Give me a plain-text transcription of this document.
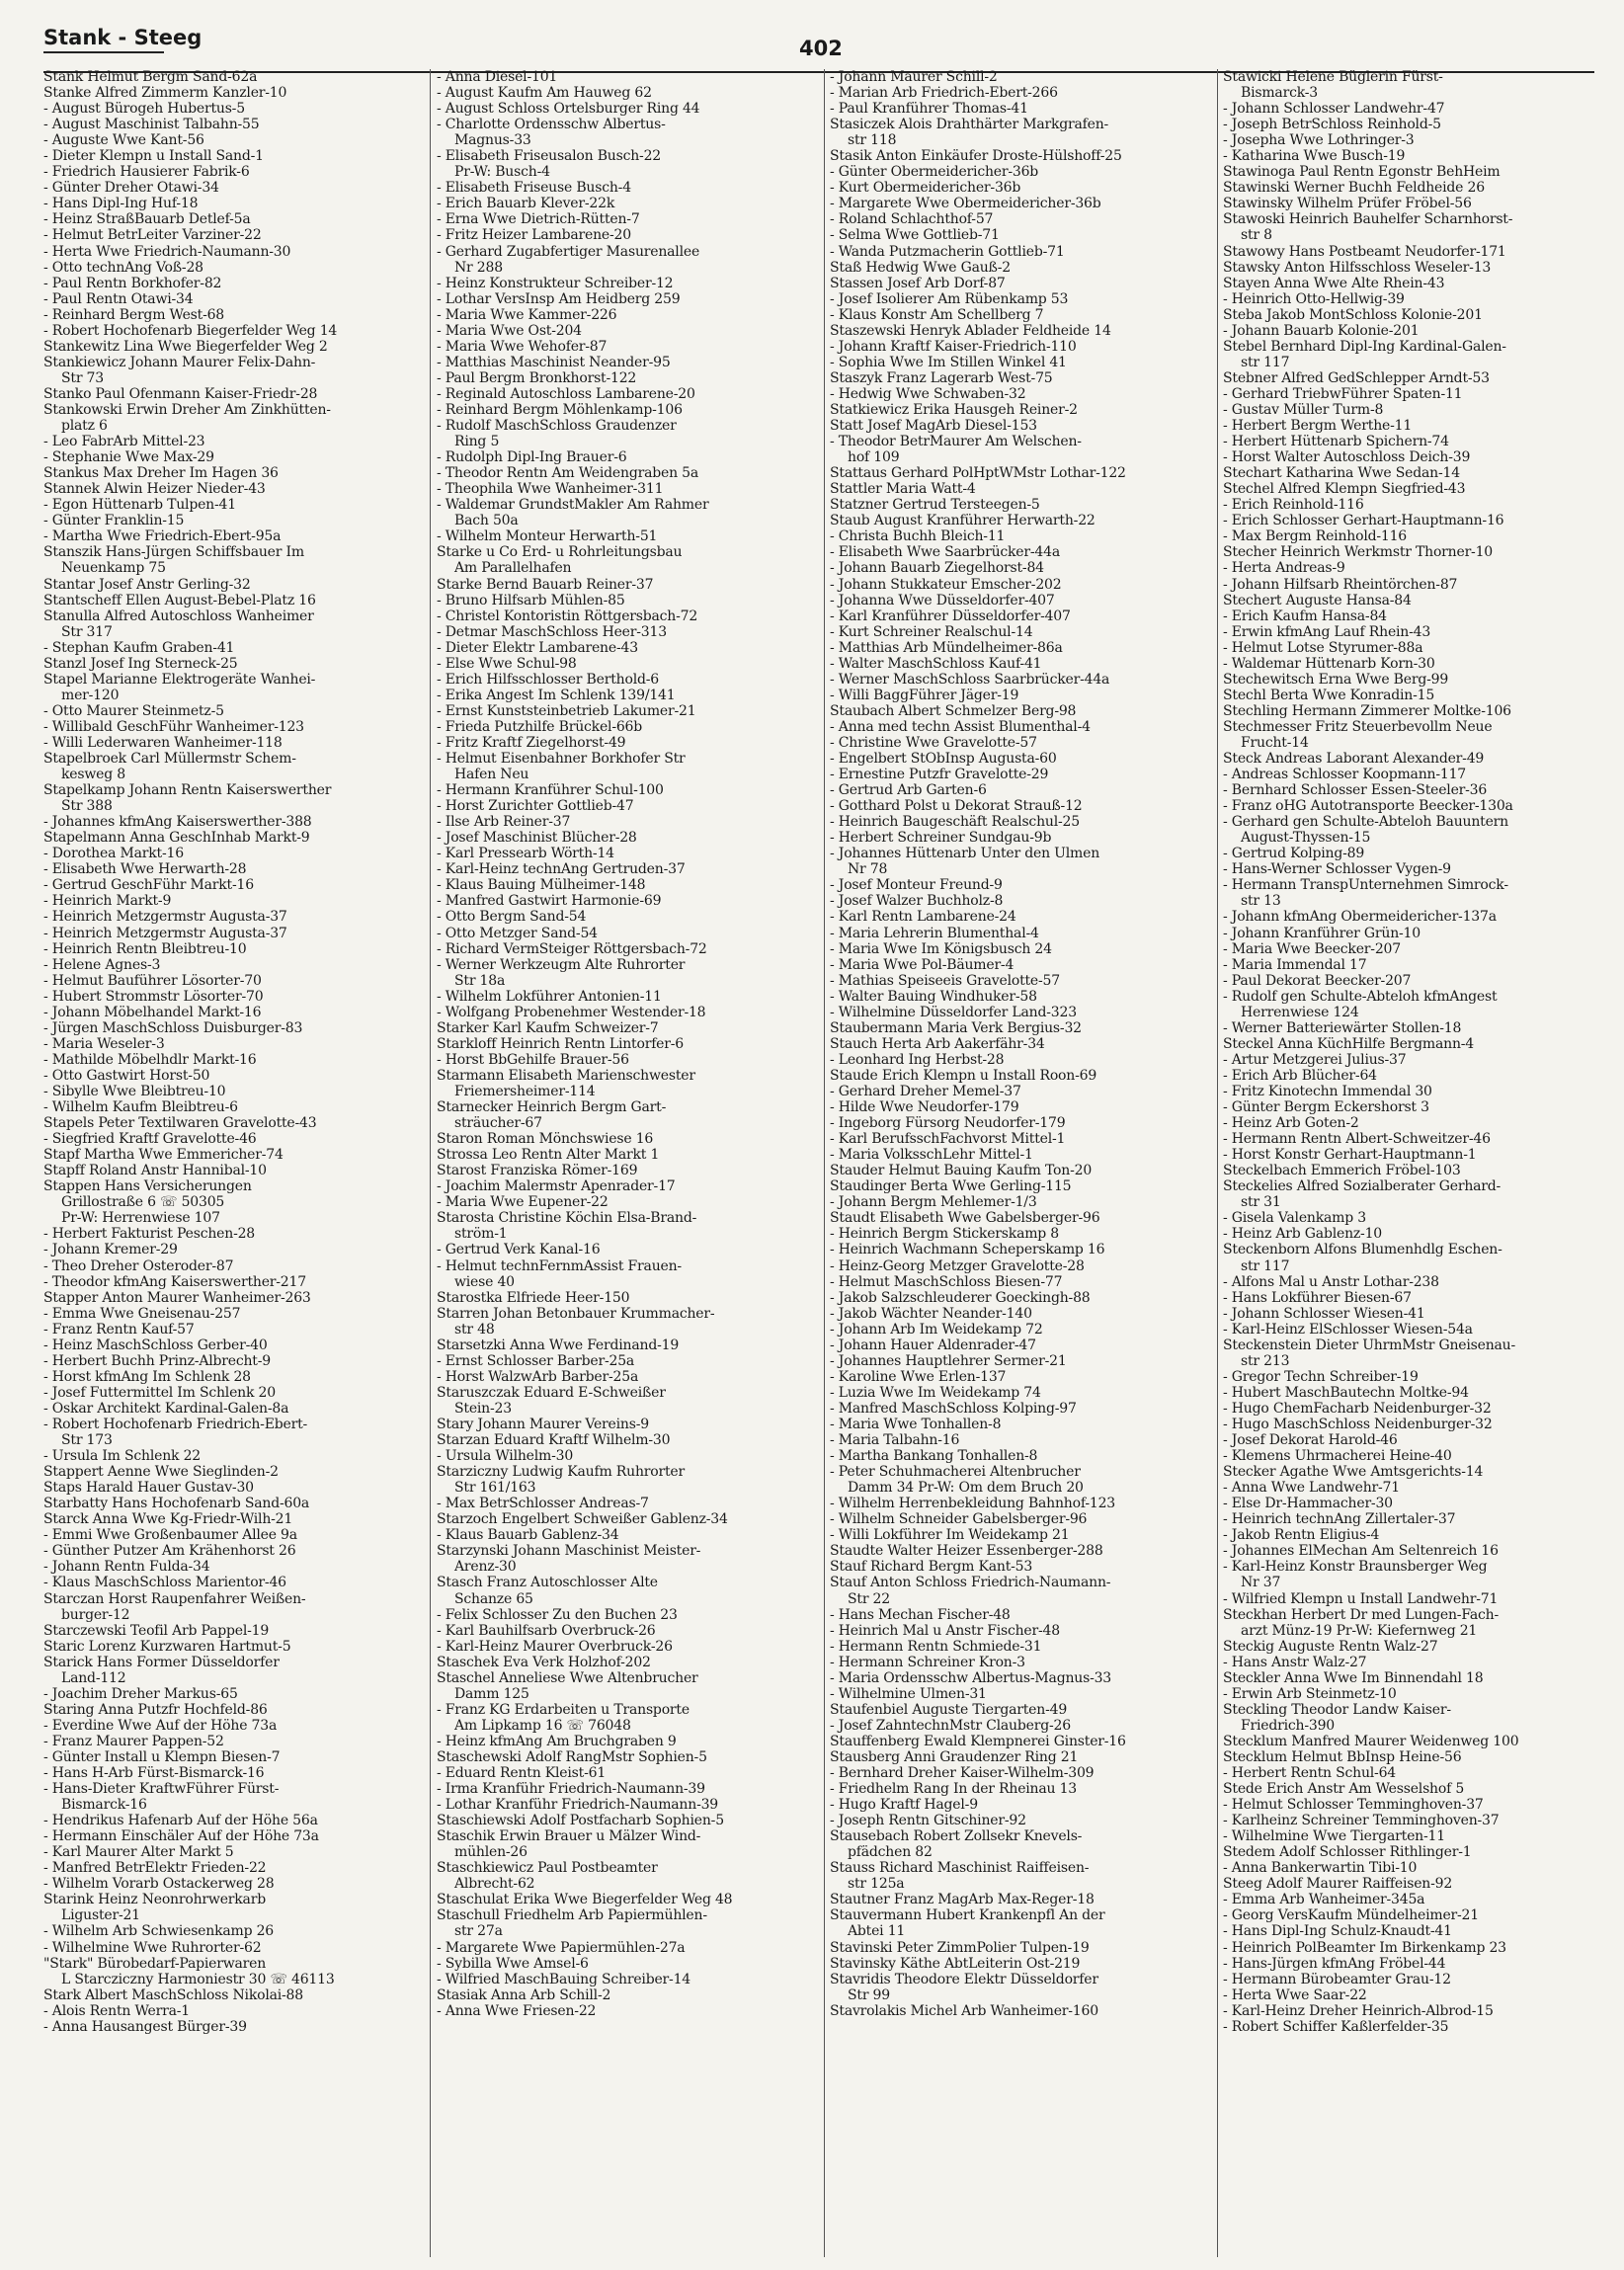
Stank - Steeg	402
Stank Helmut Bergm Sand-62a
Stanke Alfred Zimmerm Kanzler-10
- August Bürogeh Hubertus-5
- August Maschinist Talbahn-55
- Auguste Wwe Kant-56
- Dieter Klempn u Install Sand-1
- Friedrich Hausierer Fabrik-6
- Günter Dreher Otawi-34
- Hans Dipl-Ing Huf-18
- Heinz StraßBauarb Detlef-5a
- Helmut BetrLeiter Varziner-22
- Herta Wwe Friedrich-Naumann-30
- Otto technAng Voß-28
- Paul Rentn Borkhofer-82
- Paul Rentn Otawi-34
- Reinhard Bergm West-68
- Robert Hochofenarb Biegerfelder Weg 14
Stankewitz Lina Wwe Biegerfelder Weg 2
Stankiewicz Johann Maurer Felix-Dahn-
Str 73
Stanko Paul Ofenmann Kaiser-Friedr-28
Stankowski Erwin Dreher Am Zinkhütten-
platz 6
- Leo FabrArb Mittel-23
- Stephanie Wwe Max-29
Stankus Max Dreher Im Hagen 36
Stannek Alwin Heizer Nieder-43
- Egon Hüttenarb Tulpen-41
- Günter Franklin-15
- Martha Wwe Friedrich-Ebert-95a
Stanszik Hans-Jürgen Schiffsbauer Im
Neuenkamp 75
Stantar Josef Anstr Gerling-32
Stantscheff Ellen August-Bebel-Platz 16
Stanulla Alfred Autoschloss Wanheimer
Str 317
- Stephan Kaufm Graben-41
Stanzl Josef Ing Sterneck-25
Stapel Marianne Elektrogeräte Wanhei-
mer-120
- Otto Maurer Steinmetz-5
- Willibald GeschFühr Wanheimer-123
- Willi Lederwaren Wanheimer-118
Stapelbroek Carl Müllermstr Schem-
kesweg 8
Stapelkamp Johann Rentn Kaiserswerther
Str 388
- Johannes kfmAng Kaiserswerther-388
Stapelmann Anna GeschInhab Markt-9
- Dorothea Markt-16
- Elisabeth Wwe Herwarth-28
- Gertrud GeschFühr Markt-16
- Heinrich Markt-9
- Heinrich Metzgermstr Augusta-37
- Heinrich Metzgermstr Augusta-37
- Heinrich Rentn Bleibtreu-10
- Helene Agnes-3
- Helmut Bauführer Lösorter-70
- Hubert Strommstr Lösorter-70
- Johann Möbelhandel Markt-16
- Jürgen MaschSchloss Duisburger-83
- Maria Weseler-3
- Mathilde Möbelhdlr Markt-16
- Otto Gastwirt Horst-50
- Sibylle Wwe Bleibtreu-10
- Wilhelm Kaufm Bleibtreu-6
Stapels Peter Textilwaren Gravelotte-43
- Siegfried Kraftf Gravelotte-46
Stapf Martha Wwe Emmericher-74
Stapff Roland Anstr Hannibal-10
Stappen Hans Versicherungen
Grillostraße 6 ☏ 50305
Pr-W: Herrenwiese 107
- Herbert Fakturist Peschen-28
- Johann Kremer-29
- Theo Dreher Osteroder-87
- Theodor kfmAng Kaiserswerther-217
Stapper Anton Maurer Wanheimer-263
- Emma Wwe Gneisenau-257
- Franz Rentn Kauf-57
- Heinz MaschSchloss Gerber-40
- Herbert Buchh Prinz-Albrecht-9
- Horst kfmAng Im Schlenk 28
- Josef Futtermittel Im Schlenk 20
- Oskar Architekt Kardinal-Galen-8a
- Robert Hochofenarb Friedrich-Ebert-
Str 173
- Ursula Im Schlenk 22
Stappert Aenne Wwe Sieglinden-2
Staps Harald Hauer Gustav-30
Starbatty Hans Hochofenarb Sand-60a
Starck Anna Wwe Kg-Friedr-Wilh-21
- Emmi Wwe Großenbaumer Allee 9a
- Günther Putzer Am Krähenhorst 26
- Johann Rentn Fulda-34
- Klaus MaschSchloss Marientor-46
Starczan Horst Raupenfahrer Weißen-
burger-12
Starczewski Teofil Arb Pappel-19
Staric Lorenz Kurzwaren Hartmut-5
Starick Hans Former Düsseldorfer
Land-112
- Joachim Dreher Markus-65
Staring Anna Putzfr Hochfeld-86
- Everdine Wwe Auf der Höhe 73a
- Franz Maurer Pappen-52
- Günter Install u Klempn Biesen-7
- Hans H-Arb Fürst-Bismarck-16
- Hans-Dieter KraftwFührer Fürst-
Bismarck-16
- Hendrikus Hafenarb Auf der Höhe 56a
- Hermann Einschäler Auf der Höhe 73a
- Karl Maurer Alter Markt 5
- Manfred BetrElektr Frieden-22
- Wilhelm Vorarb Ostackerweg 28
Starink Heinz Neonrohrwerkarb
Liguster-21
- Wilhelm Arb Schwiesenkamp 26
- Wilhelmine Wwe Ruhrorter-62
"Stark" Bürobedarf-Papierwaren
L Starcziczny Harmoniestr 30 ☏ 46113
Stark Albert MaschSchloss Nikolai-88
- Alois Rentn Werra-1
- Anna Hausangest Bürger-39
- Anna Diesel-101
- August Kaufm Am Hauweg 62
- August Schloss Ortelsburger Ring 44
- Charlotte Ordensschw Albertus-
Magnus-33
- Elisabeth Friseusalon Busch-22
Pr-W: Busch-4
- Elisabeth Friseuse Busch-4
- Erich Bauarb Klever-22k
- Erna Wwe Dietrich-Rütten-7
- Fritz Heizer Lambarene-20
- Gerhard Zugabfertiger Masurenallee
Nr 288
- Heinz Konstrukteur Schreiber-12
- Lothar VersInsp Am Heidberg 259
- Maria Wwe Kammer-226
- Maria Wwe Ost-204
- Maria Wwe Wehofer-87
- Matthias Maschinist Neander-95
- Paul Bergm Bronkhorst-122
- Reginald Autoschloss Lambarene-20
- Reinhard Bergm Möhlenkamp-106
- Rudolf MaschSchloss Graudenzer
Ring 5
- Rudolph Dipl-Ing Brauer-6
- Theodor Rentn Am Weidengraben 5a
- Theophila Wwe Wanheimer-311
- Waldemar GrundstMakler Am Rahmer
Bach 50a
- Wilhelm Monteur Herwarth-51
Starke u Co Erd- u Rohrleitungsbau
Am Parallelhafen
Starke Bernd Bauarb Reiner-37
- Bruno Hilfsarb Mühlen-85
- Christel Kontoristin Röttgersbach-72
- Detmar MaschSchloss Heer-313
- Dieter Elektr Lambarene-43
- Else Wwe Schul-98
- Erich Hilfsschlosser Berthold-6
- Erika Angest Im Schlenk 139/141
- Ernst Kunststeinbetrieb Lakumer-21
- Frieda Putzhilfe Brückel-66b
- Fritz Kraftf Ziegelhorst-49
- Helmut Eisenbahner Borkhofer Str
Hafen Neu
- Hermann Kranführer Schul-100
- Horst Zurichter Gottlieb-47
- Ilse Arb Reiner-37
- Josef Maschinist Blücher-28
- Karl Pressearb Wörth-14
- Karl-Heinz technAng Gertruden-37
- Klaus Bauing Mülheimer-148
- Manfred Gastwirt Harmonie-69
- Otto Bergm Sand-54
- Otto Metzger Sand-54
- Richard VermSteiger Röttgersbach-72
- Werner Werkzeugm Alte Ruhrorter
Str 18a
- Wilhelm Lokführer Antonien-11
- Wolfgang Probenehmer Westender-18
Starker Karl Kaufm Schweizer-7
Starkloff Heinrich Rentn Lintorfer-6
- Horst BbGehilfe Brauer-56
Starmann Elisabeth Marienschwester
Friemersheimer-114
Starnecker Heinrich Bergm Gart-
sträucher-67
Staron Roman Mönchswiese 16
Strossa Leo Rentn Alter Markt 1
Starost Franziska Römer-169
- Joachim Malermstr Apenrader-17
- Maria Wwe Eupener-22
Starosta Christine Köchin Elsa-Brand-
ström-1
- Gertrud Verk Kanal-16
- Helmut technFernmAssist Frauen-
wiese 40
Starostka Elfriede Heer-150
Starren Johan Betonbauer Krummacher-
str 48
Starsetzki Anna Wwe Ferdinand-19
- Ernst Schlosser Barber-25a
- Horst WalzwArb Barber-25a
Staruszczak Eduard E-Schweißer
Stein-23
Stary Johann Maurer Vereins-9
Starzan Eduard Kraftf Wilhelm-30
- Ursula Wilhelm-30
Starziczny Ludwig Kaufm Ruhrorter
Str 161/163
- Max BetrSchlosser Andreas-7
Starzoch Engelbert Schweißer Gablenz-34
- Klaus Bauarb Gablenz-34
Starzynski Johann Maschinist Meister-
Arenz-30
Stasch Franz Autoschlosser Alte
Schanze 65
- Felix Schlosser Zu den Buchen 23
- Karl Bauhilfsarb Overbruck-26
- Karl-Heinz Maurer Overbruck-26
Staschek Eva Verk Holzhof-202
Staschel Anneliese Wwe Altenbrucher
Damm 125
- Franz KG Erdarbeiten u Transporte
Am Lipkamp 16 ☏ 76048
- Heinz kfmAng Am Bruchgraben 9
Staschewski Adolf RangMstr Sophien-5
- Eduard Rentn Kleist-61
- Irma Kranführ Friedrich-Naumann-39
- Lothar Kranführ Friedrich-Naumann-39
Staschiewski Adolf Postfacharb Sophien-5
Staschik Erwin Brauer u Mälzer Wind-
mühlen-26
Staschkiewicz Paul Postbeamter
Albrecht-62
Staschulat Erika Wwe Biegerfelder Weg 48
Staschull Friedhelm Arb Papiermühlen-
str 27a
- Margarete Wwe Papiermühlen-27a
- Sybilla Wwe Amsel-6
- Wilfried MaschBauing Schreiber-14
Stasiak Anna Arb Schill-2
- Anna Wwe Friesen-22
- Johann Maurer Schill-2
- Marian Arb Friedrich-Ebert-266
- Paul Kranführer Thomas-41
Stasiczek Alois Drahthärter Markgrafen-
str 118
Stasik Anton Einkäufer Droste-Hülshoff-25
- Günter Obermeidericher-36b
- Kurt Obermeidericher-36b
- Margarete Wwe Obermeidericher-36b
- Roland Schlachthof-57
- Selma Wwe Gottlieb-71
- Wanda Putzmacherin Gottlieb-71
Staß Hedwig Wwe Gauß-2
Stassen Josef Arb Dorf-87
- Josef Isolierer Am Rübenkamp 53
- Klaus Konstr Am Schellberg 7
Staszewski Henryk Ablader Feldheide 14
- Johann Kraftf Kaiser-Friedrich-110
- Sophia Wwe Im Stillen Winkel 41
Staszyk Franz Lagerarb West-75
- Hedwig Wwe Schwaben-32
Statkiewicz Erika Hausgeh Reiner-2
Statt Josef MagArb Diesel-153
- Theodor BetrMaurer Am Welschen-
hof 109
Stattaus Gerhard PolHptWMstr Lothar-122
Stattler Maria Watt-4
Statzner Gertrud Tersteegen-5
Staub August Kranführer Herwarth-22
- Christa Buchh Bleich-11
- Elisabeth Wwe Saarbrücker-44a
- Johann Bauarb Ziegelhorst-84
- Johann Stukkateur Emscher-202
- Johanna Wwe Düsseldorfer-407
- Karl Kranführer Düsseldorfer-407
- Kurt Schreiner Realschul-14
- Matthias Arb Mündelheimer-86a
- Walter MaschSchloss Kauf-41
- Werner MaschSchloss Saarbrücker-44a
- Willi BaggFührer Jäger-19
Staubach Albert Schmelzer Berg-98
- Anna med techn Assist Blumenthal-4
- Christine Wwe Gravelotte-57
- Engelbert StObInsp Augusta-60
- Ernestine Putzfr Gravelotte-29
- Gertrud Arb Garten-6
- Gotthard Polst u Dekorat Strauß-12
- Heinrich Baugeschäft Realschul-25
- Herbert Schreiner Sundgau-9b
- Johannes Hüttenarb Unter den Ulmen
Nr 78
- Josef Monteur Freund-9
- Josef Walzer Buchholz-8
- Karl Rentn Lambarene-24
- Maria Lehrerin Blumenthal-4
- Maria Wwe Im Königsbusch 24
- Maria Wwe Pol-Bäumer-4
- Mathias Speiseeis Gravelotte-57
- Walter Bauing Windhuker-58
- Wilhelmine Düsseldorfer Land-323
Staubermann Maria Verk Bergius-32
Stauch Herta Arb Aakerfähr-34
- Leonhard Ing Herbst-28
Staude Erich Klempn u Install Roon-69
- Gerhard Dreher Memel-37
- Hilde Wwe Neudorfer-179
- Ingeborg Fürsorg Neudorfer-179
- Karl BerufsschFachvorst Mittel-1
- Maria VolksschLehr Mittel-1
Stauder Helmut Bauing Kaufm Ton-20
Staudinger Berta Wwe Gerling-115
- Johann Bergm Mehlemer-1/3
Staudt Elisabeth Wwe Gabelsberger-96
- Heinrich Bergm Stickerskamp 8
- Heinrich Wachmann Scheperskamp 16
- Heinz-Georg Metzger Gravelotte-28
- Helmut MaschSchloss Biesen-77
- Jakob Salzschleuderer Goeckingh-88
- Jakob Wächter Neander-140
- Johann Arb Im Weidekamp 72
- Johann Hauer Aldenrader-47
- Johannes Hauptlehrer Sermer-21
- Karoline Wwe Erlen-137
- Luzia Wwe Im Weidekamp 74
- Manfred MaschSchloss Kolping-97
- Maria Wwe Tonhallen-8
- Maria Talbahn-16
- Martha Bankang Tonhallen-8
- Peter Schuhmacherei Altenbrucher
Damm 34 Pr-W: Om dem Bruch 20
- Wilhelm Herrenbekleidung Bahnhof-123
- Wilhelm Schneider Gabelsberger-96
- Willi Lokführer Im Weidekamp 21
Staudte Walter Heizer Essenberger-288
Stauf Richard Bergm Kant-53
Stauf Anton Schloss Friedrich-Naumann-
Str 22
- Hans Mechan Fischer-48
- Heinrich Mal u Anstr Fischer-48
- Hermann Rentn Schmiede-31
- Hermann Schreiner Kron-3
- Maria Ordensschw Albertus-Magnus-33
- Wilhelmine Ulmen-31
Staufenbiel Auguste Tiergarten-49
- Josef ZahntechnMstr Clauberg-26
Stauffenberg Ewald Klempnerei Ginster-16
Stausberg Anni Graudenzer Ring 21
- Bernhard Dreher Kaiser-Wilhelm-309
- Friedhelm Rang In der Rheinau 13
- Hugo Kraftf Hagel-9
- Joseph Rentn Gitschiner-92
Stausebach Robert Zollsekr Knevels-
pfädchen 82
Stauss Richard Maschinist Raiffeisen-
str 125a
Stautner Franz MagArb Max-Reger-18
Stauvermann Hubert Krankenpfl An der
Abtei 11
Stavinski Peter ZimmPolier Tulpen-19
Stavinsky Käthe AbtLeiterin Ost-219
Stavridis Theodore Elektr Düsseldorfer
Str 99
Stavrolakis Michel Arb Wanheimer-160
Stawicki Helene Büglerin Fürst-
Bismarck-3
- Johann Schlosser Landwehr-47
- Joseph BetrSchloss Reinhold-5
- Josepha Wwe Lothringer-3
- Katharina Wwe Busch-19
Stawinoga Paul Rentn Egonstr BehHeim
Stawinski Werner Buchh Feldheide 26
Stawinsky Wilhelm Prüfer Fröbel-56
Stawoski Heinrich Bauhelfer Scharnhorst-
str 8
Stawowy Hans Postbeamt Neudorfer-171
Stawsky Anton Hilfsschloss Weseler-13
Stayen Anna Wwe Alte Rhein-43
- Heinrich Otto-Hellwig-39
Steba Jakob MontSchloss Kolonie-201
- Johann Bauarb Kolonie-201
Stebel Bernhard Dipl-Ing Kardinal-Galen-
str 117
Stebner Alfred GedSchlepper Arndt-53
- Gerhard TriebwFührer Spaten-11
- Gustav Müller Turm-8
- Herbert Bergm Werthe-11
- Herbert Hüttenarb Spichern-74
- Horst Walter Autoschloss Deich-39
Stechart Katharina Wwe Sedan-14
Stechel Alfred Klempn Siegfried-43
- Erich Reinhold-116
- Erich Schlosser Gerhart-Hauptmann-16
- Max Bergm Reinhold-116
Stecher Heinrich Werkmstr Thorner-10
- Herta Andreas-9
- Johann Hilfsarb Rheintörchen-87
Stechert Auguste Hansa-84
- Erich Kaufm Hansa-84
- Erwin kfmAng Lauf Rhein-43
- Helmut Lotse Styrumer-88a
- Waldemar Hüttenarb Korn-30
Stechewitsch Erna Wwe Berg-99
Stechl Berta Wwe Konradin-15
Stechling Hermann Zimmerer Moltke-106
Stechmesser Fritz Steuerbevollm Neue
Frucht-14
Steck Andreas Laborant Alexander-49
- Andreas Schlosser Koopmann-117
- Bernhard Schlosser Essen-Steeler-36
- Franz oHG Autotransporte Beecker-130a
- Gerhard gen Schulte-Abteloh Bauuntern
August-Thyssen-15
- Gertrud Kolping-89
- Hans-Werner Schlosser Vygen-9
- Hermann TranspUnternehmen Simrock-
str 13
- Johann kfmAng Obermeidericher-137a
- Johann Kranführer Grün-10
- Maria Wwe Beecker-207
- Maria Immendal 17
- Paul Dekorat Beecker-207
- Rudolf gen Schulte-Abteloh kfmAngest
Herrenwiese 124
- Werner Batteriewärter Stollen-18
Steckel Anna KüchHilfe Bergmann-4
- Artur Metzgerei Julius-37
- Erich Arb Blücher-64
- Fritz Kinotechn Immendal 30
- Günter Bergm Eckershorst 3
- Heinz Arb Goten-2
- Hermann Rentn Albert-Schweitzer-46
- Horst Konstr Gerhart-Hauptmann-1
Steckelbach Emmerich Fröbel-103
Steckelies Alfred Sozialberater Gerhard-
str 31
- Gisela Valenkamp 3
- Heinz Arb Gablenz-10
Steckenborn Alfons Blumenhdlg Eschen-
str 117
- Alfons Mal u Anstr Lothar-238
- Hans Lokführer Biesen-67
- Johann Schlosser Wiesen-41
- Karl-Heinz ElSchlosser Wiesen-54a
Steckenstein Dieter UhrmMstr Gneisenau-
str 213
- Gregor Techn Schreiber-19
- Hubert MaschBautechn Moltke-94
- Hugo ChemFacharb Neidenburger-32
- Hugo MaschSchloss Neidenburger-32
- Josef Dekorat Harold-46
- Klemens Uhrmacherei Heine-40
Stecker Agathe Wwe Amtsgerichts-14
- Anna Wwe Landwehr-71
- Else Dr-Hammacher-30
- Heinrich technAng Zillertaler-37
- Jakob Rentn Eligius-4
- Johannes ElMechan Am Seltenreich 16
- Karl-Heinz Konstr Braunsberger Weg
Nr 37
- Wilfried Klempn u Install Landwehr-71
Steckhan Herbert Dr med Lungen-Fach-
arzt Münz-19 Pr-W: Kiefernweg 21
Steckig Auguste Rentn Walz-27
- Hans Anstr Walz-27
Steckler Anna Wwe Im Binnendahl 18
- Erwin Arb Steinmetz-10
Steckling Theodor Landw Kaiser-
Friedrich-390
Stecklum Manfred Maurer Weidenweg 100
Stecklum Helmut BbInsp Heine-56
- Herbert Rentn Schul-64
Stede Erich Anstr Am Wesselshof 5
- Helmut Schlosser Temminghoven-37
- Karlheinz Schreiner Temminghoven-37
- Wilhelmine Wwe Tiergarten-11
Stedem Adolf Schlosser Rithlinger-1
- Anna Bankerwartin Tibi-10
Steeg Adolf Maurer Raiffeisen-92
- Emma Arb Wanheimer-345a
- Georg VersKaufm Mündelheimer-21
- Hans Dipl-Ing Schulz-Knaudt-41
- Heinrich PolBeamter Im Birkenkamp 23
- Hans-Jürgen kfmAng Fröbel-44
- Hermann Bürobeamter Grau-12
- Herta Wwe Saar-22
- Karl-Heinz Dreher Heinrich-Albrod-15
- Robert Schiffer Kaßlerfelder-35
